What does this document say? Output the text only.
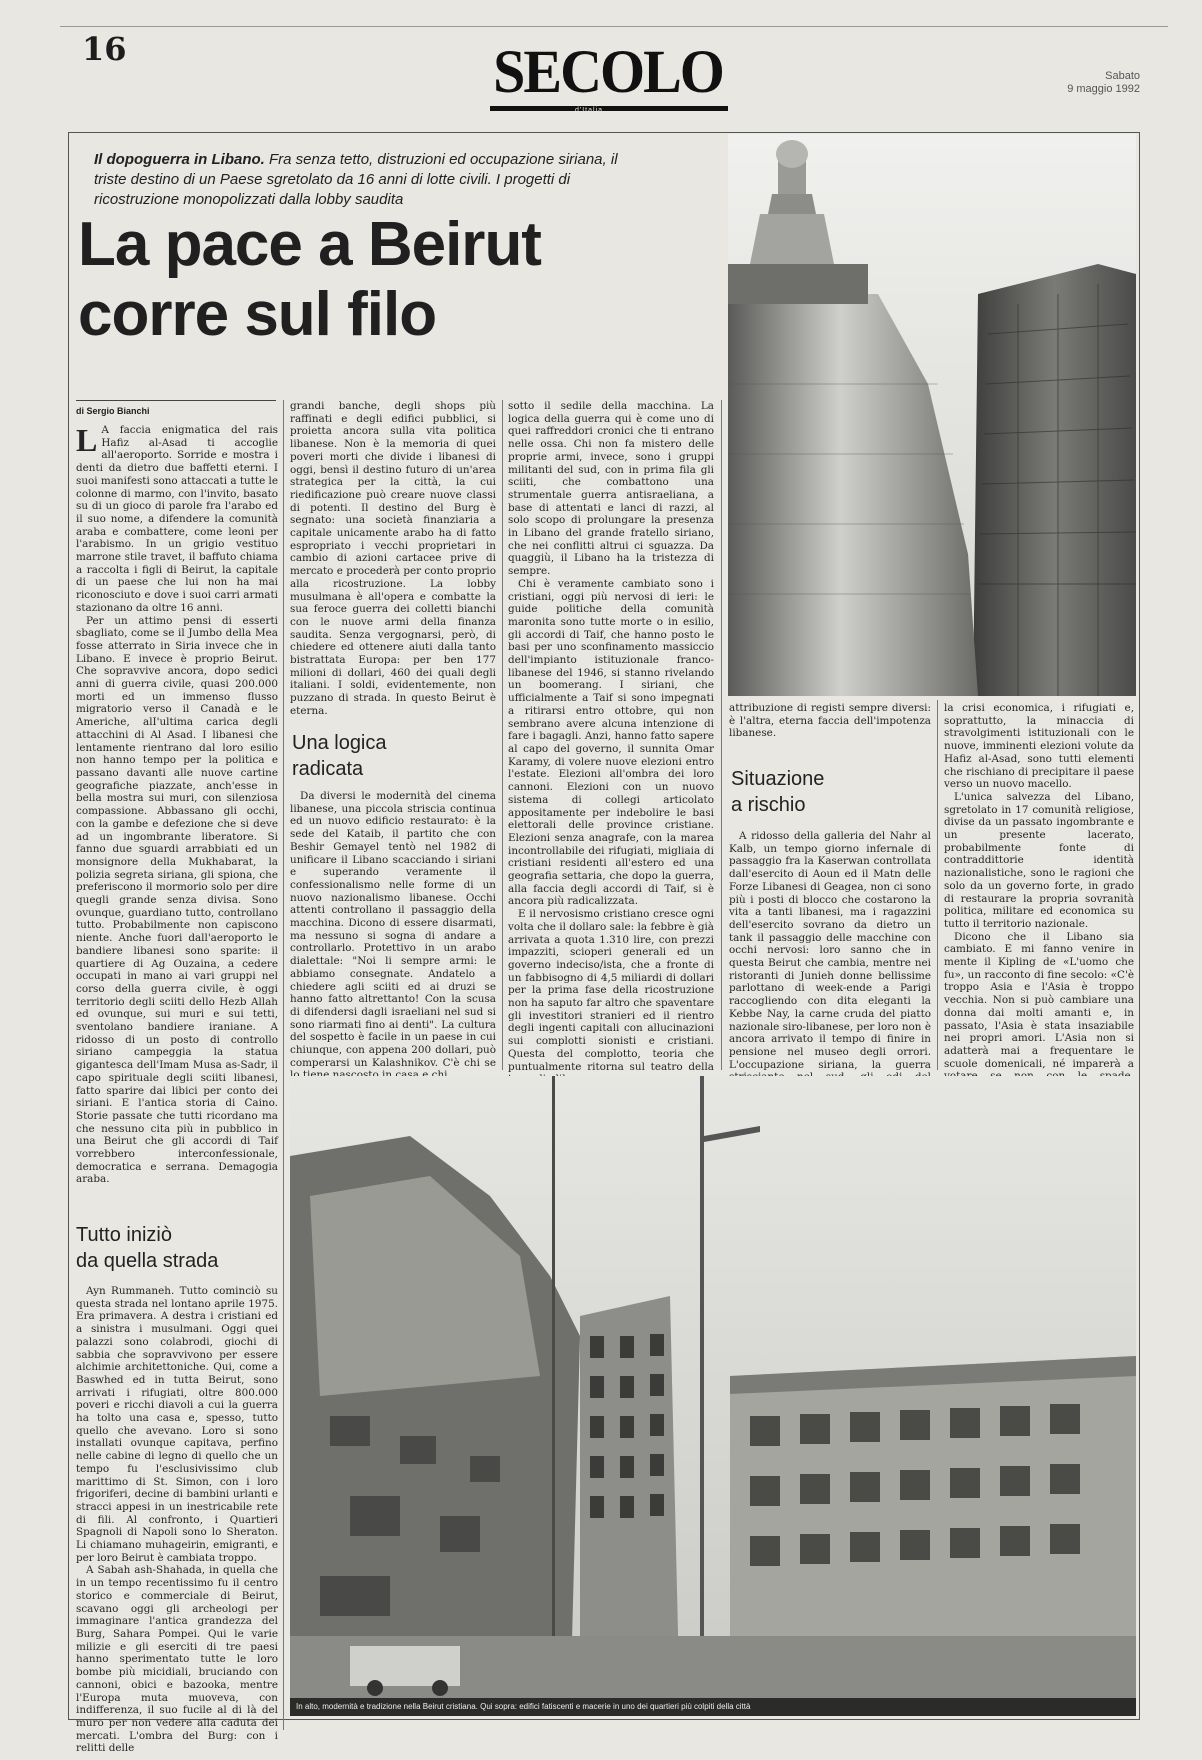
16	SECOLO
d'Italia
Sabato
9 maggio 1992
Il dopoguerra in Libano. Fra senza tetto, distruzioni ed occupazione siriana, il triste destino di un Paese sgretolato da 16 anni di lotte civili. I progetti di ricostruzione monopolizzati dalla lobby saudita
La pace a Beirut
corre sul filo
di Sergio Bianchi

L A faccia enigmatica del rais Hafiz al-Asad ti accoglie all'aeroporto. Sorride e mostra i denti da dietro due baffetti eterni. I suoi manifesti sono attaccati a tutte le colonne di marmo, con l'invito, basato su di un gioco di parole fra l'arabo ed il suo nome, a difendere la comunità araba e combattere, come leoni per l'arabismo. In un grigio vestituo marrone stile travet, il baffuto chiama a raccolta i figli di Beirut, la capitale di un paese che lui non ha mai riconosciuto e dove i suoi carri armati stazionano da oltre 16 anni.

Per un attimo pensi di esserti sbagliato, come se il Jumbo della Mea fosse atterrato in Siria invece che in Libano. E invece è proprio Beirut. Che sopravvive ancora, dopo sedici anni di guerra civile, quasi 200.000 morti ed un immenso flusso migratorio verso il Canadà e le Americhe, alI'ultima carica degli attacchini di Al Asad. I libanesi che lentamente rientrano dal loro esilio non hanno tempo per la politica e passano davanti alle nuove cartine geografiche piazzate, anch'esse in bella mostra sui muri, con silenziosa compassione. Abbassano gli occhi, con la gambe e defezione che si deve ad un ingombrante liberatore. Si fanno due sguardi arrabbiati ed un monsignore della Mukhabarat, la polizia segreta siriana, gli spiona, che preferiscono il mormorio solo per dire quegli grande senza divisa. Sono ovunque, guardiano tutto, controllano tutto. Probabilmente non capiscono niente. Anche fuori dall'aeroporto le bandiere libanesi sono sparite: il quartiere di Ag Ouzaina, a cedere occupati in mano ai vari gruppi nel corso della guerra civile, è oggi territorio degli sciiti dello Hezb Allah ed ovunque, sui muri e sui tetti, sventolano bandiere iraniane. A ridosso di un posto di controllo siriano campeggia la statua gigantesca dell'Imam Musa as-Sadr, il capo spirituale degli sciiti libanesi, fatto sparire dai libici per conto dei siriani. E l'antica storia di Caino. Storie passate che tutti ricordano ma che nessuno cita più in pubblico in una Beirut che gli accordi di Taif vorrebbero interconfessionale, democratica e serrana. Demagogia araba.

Tutto iniziò
da quella strada

Ayn Rummaneh. Tutto cominciò su questa strada nel lontano aprile 1975. Era primavera. A destra i cristiani ed a sinistra i musulmani. Oggi quei palazzi sono colabrodi, giochi di sabbia che sopravvivono per essere alchimie architettoniche. Qui, come a Baswhed ed in tutta Beirut, sono arrivati i rifugiati, oltre 800.000 poveri e ricchi diavoli a cui la guerra ha tolto una casa e, spesso, tutto quello che avevano. Loro si sono installati ovunque capitava, perfino nelle cabine di legno di quello che un tempo fu l'esclusivissimo club marittimo di St. Simon, con i loro frigoriferi, decine di bambini urlanti e stracci appesi in un inestricabile rete di fili. Al confronto, i Quartieri Spagnoli di Napoli sono lo Sheraton. Li chiamano muhageirin, emigranti, e per loro Beirut è cambiata troppo.

A Sabah ash-Shahada, in quella che in un tempo recentissimo fu il centro storico e commerciale di Beirut, scavano oggi gli archeologi per immaginare l'antica grandezza del Burg, Sahara Pompei. Qui le varie milizie e gli eserciti di tre paesi hanno sperimentato tutte le loro bombe più micidiali, bruciando con cannoni, obici e bazooka, mentre l'Europa muta muoveva, con indifferenza, il suo fucile al di là del muro per non vedere alla caduta dei mercati. L'ombra del Burg: con i relitti delle

grandi banche, degli shops più raffinati e degli edifici pubblici, si proietta ancora sulla vita politica libanese. Non è la memoria di quei poveri morti che divide i libanesi di oggi, bensì il destino futuro di un'area strategica per la città, la cui riedificazione può creare nuove classi di potenti. Il destino del Burg è segnato: una società finanziaria a capitale unicamente arabo ha di fatto espropriato i vecchi proprietari in cambio di azioni cartacee prive di mercato e procederà per conto proprio alla ricostruzione. La lobby musulmana è all'opera e combatte la sua feroce guerra dei colletti bianchi con le nuove armi della finanza saudita. Senza vergognarsi, però, di chiedere ed ottenere aiuti dalla tanto bistrattata Europa: per ben 177 milioni di dollari, 460 dei quali degli italiani. I soldi, evidentemente, non puzzano di strada. In questo Beirut è eterna.

Una logica
radicata

Da diversi le modernità del cinema libanese, una piccola striscia continua ed un nuovo edificio restaurato: è la sede del Kataib, il partito che con Beshir Gemayel tentò nel 1982 di unificare il Libano scacciando i siriani e superando veramente il confessionalismo nelle forme di un nuovo nazionalismo libanese. Occhi attenti controllano il passaggio della macchina. Dicono di essere disarmati, ma nessuno si sogna di andare a controllarlo. Protettivo in un arabo dialettale: "Noi li sempre armi: le abbiamo consegnate. Andatelo a chiedere agli sciiti ed ai druzi se hanno fatto altrettanto! Con la scusa di difendersi dagli israeliani nel sud si sono riarmati fino ai denti". La cultura del sospetto è facile in un paese in cui chiunque, con appena 200 dollari, può comperarsi un Kalashnikov. C'è chi se

sotto il sedile della macchina. La logica della guerra qui è come uno di quei raffreddori cronici che ti entrano nelle ossa. Chi non fa mistero delle proprie armi, invece, sono i gruppi militanti del sud, con in prima fila gli sciiti, che combattono una strumentale guerra antisraeliana, a base di attentati e lanci di razzi, al solo scopo di prolungare la presenza in Libano del grande fratello siriano, che nei conflitti altrui ci sguazza. Da quaggiù, il Libano ha la tristezza di sempre.

Chi è veramente cambiato sono i cristiani, oggi più nervosi di ieri: le guide politiche della comunità maronita sono tutte morte o in esilio, gli accordi di Taif, che hanno posto le basi per uno sconfinamento massiccio dell'impianto istituzionale franco-libanese del 1946, si stanno rivelando un boomerang. I siriani, che ufficialmente a Taif si sono impegnati a ritirarsi entro ottobre, qui non sembrano avere alcuna intenzione di fare i bagagli. Anzi, hanno fatto sapere al capo del governo, il sunnita Omar Karamy, di volere nuove elezioni entro l'estate. Elezioni all'ombra dei loro cannoni. Elezioni con un nuovo sistema di collegi articolato appositamente per indebolire le basi elettorali delle province cristiane. Elezioni senza anagrafe, con la marea incontrollabile dei rifugiati, migliaia di cristiani residenti all'estero ed una geografia settaria, che dopo la guerra, alla faccia degli accordi di Taif, si è ancora più radicalizzata.

E il nervosismo cristiano cresce ogni volta che il dollaro sale: la febbre è già arrivata a quota 1.310 lire, con prezzi impazziti, scioperi generali ed un governo indeciso/ista, che a fronte di un fabbisogno di 4,5 miliardi di dollari per la prima fase della ricostruzione non ha saputo far altro che spaventare gli investitori stranieri ed il rientro degli ingenti capitali con allucinazioni sui complotti sionisti e cristiani. Questa del complotto, teoria che puntualmente ritorna sul teatro della

attribuzione di registi sempre diversi: è l'altra, eterna faccia dell'impotenza libanese.

Situazione
a rischio

A ridosso della galleria del Nahr al Kalb, un tempo giorno infernale di passaggio fra la Kaserwan controllata dall'esercito di Aoun ed il Matn delle Forze Libanesi di Geagea, non ci sono più i posti di blocco che costarono la vita a tanti libanesi, ma i ragazzini dell'esercito sovrano da dietro un tank il passaggio delle macchine con occhi nervosi: loro sanno che in questa Beirut che cambia, mentre nei ristoranti di Junieh donne bellissime parlottano di week-ende a Parigi raccogliendo con dita eleganti la Kebbe Nay, la carne cruda del piatto nazionale siro-libanese, per loro non è ancora arrivato il tempo di finire in pensione nel museo degli orrori. L'occupazione siriana, la guerra

la crisi economica, i rifugiati e, soprattutto, la minaccia di stravolgimenti istituzionali con le nuove, imminenti elezioni volute da Hafiz al-Asad, sono tutti elementi che rischiano di precipitare il paese verso un nuovo macello.

L'unica salvezza del Libano, sgretolato in 17 comunità religiose, divise da un passato ingombrante e un presente lacerato, probabilmente fonte di contraddittorie identità nazionalistiche, sono le ragioni che solo da un governo forte, in grado di restaurare la propria sovranità politica, militare ed economica su tutto il territorio nazionale.

Dicono che il Libano sia cambiato. E mi fanno venire in mente il Kipling de «L'uomo che fu», un racconto di fine secolo: «C'è troppo Asia e l'Asia è troppo vecchia. Non si può cambiare una donna dai molti amanti e, in passato, l'Asia è stata insaziabile nei propri amori. L'Asia non si adatterà mai a frequentare le scuole domenicali, né imparerà a

In alto, modernità e tradizione nella Beirut cristiana. Qui sopra: edifici fatiscenti e macerie in uno dei quartieri più colpiti della città
